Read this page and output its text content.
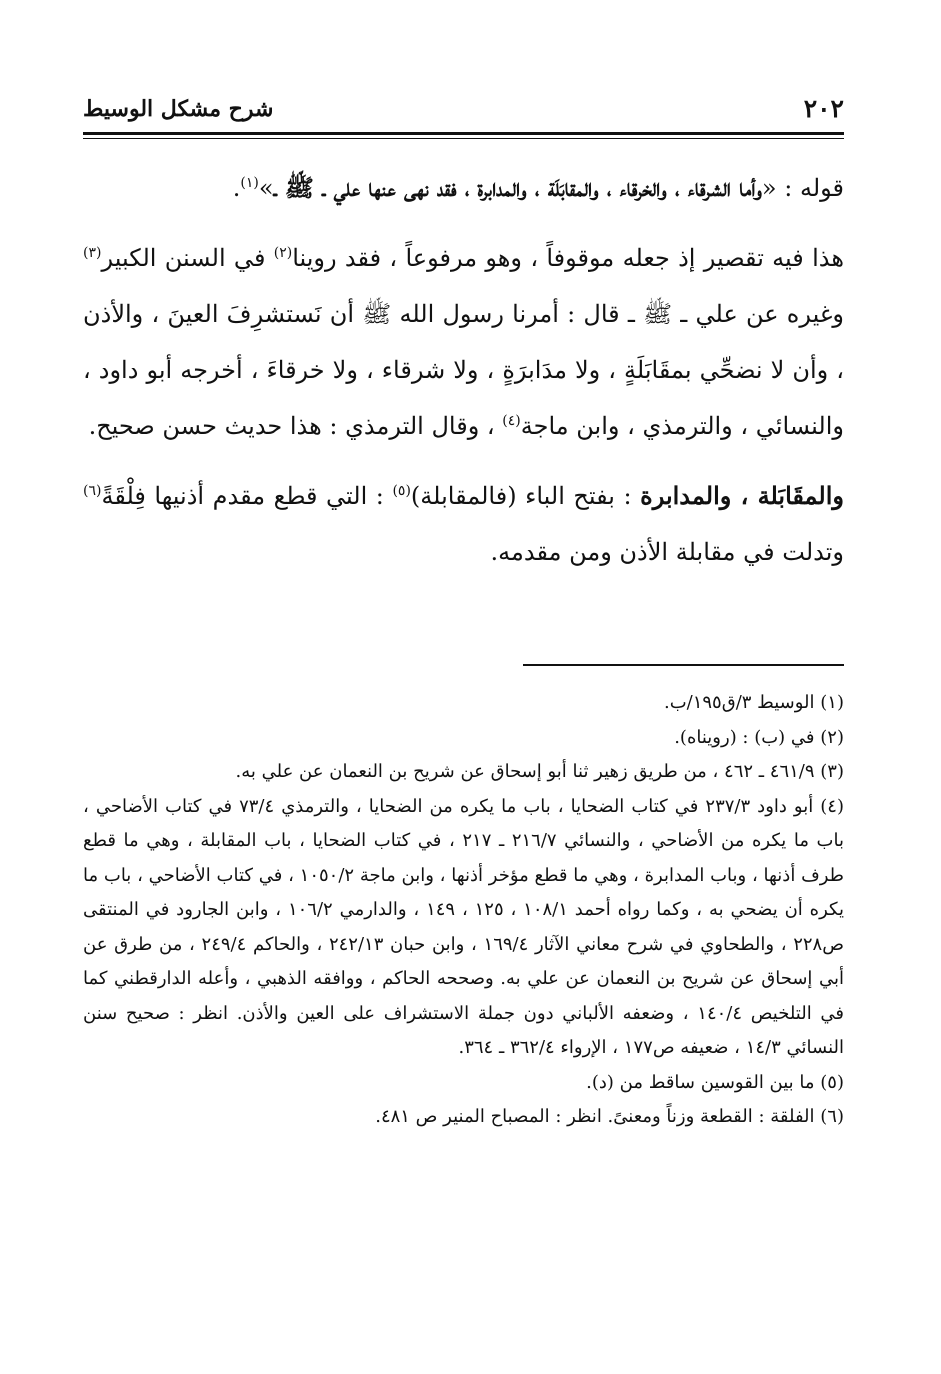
٢٠٢
شرح مشكل الوسيط

قوله : «وأما الشرقاء ، والخرقاء ، والمقابَلَة ، والمدابرة ، فقد نهى عنها علي ـ ﷺ ـ»$^{(١)}$.

هذا فيه تقصير إذ جعله موقوفاً ، وهو مرفوعاً ، فقد روينا$^{(٢)}$ في السنن الكبير$^{(٣)}$ وغيره عن علي ـ ﷺ ـ قال : أمرنا رسول الله ﷺ أن نَستشرِفَ العينَ ، والأذن ، وأن لا نضحِّي بمقَابَلَةٍ ، ولا مدَابرَةٍ ، ولا شرقاء ، ولا خرقاءَ ، أخرجه أبو داود ، والنسائي ، والترمذي ، وابن ماجة$^{(٤)}$ ، وقال الترمذي : هذا حديث حسن صحيح.

والمقَابَلة ، والمدابرة : بفتح الباء (فالمقابلة)$^{(٥)}$ : التي قطع مقدم أذنيها فِلْقَةً$^{(٦)}$ وتدلت في مقابلة الأذن ومن مقدمه.

(١) الوسيط ٣/ق١٩٥/ب.

(٢) في (ب) : (رويناه).

(٣) ٤٦١/٩ ـ ٤٦٢ ، من طريق زهير ثنا أبو إسحاق عن شريح بن النعمان عن علي به.

(٤) أبو داود ٢٣٧/٣ في كتاب الضحايا ، باب ما يكره من الضحايا ، والترمذي ٧٣/٤ في كتاب الأضاحي ، باب ما يكره من الأضاحي ، والنسائي ٢١٦/٧ ـ ٢١٧ ، في كتاب الضحايا ، باب المقابلة ، وهي ما قطع طرف أذنها ، وباب المدابرة ، وهي ما قطع مؤخر أذنها ، وابن ماجة ١٠٥٠/٢ ، في كتاب الأضاحي ، باب ما يكره أن يضحي به ، وكما رواه أحمد ١٠٨/١ ، ١٢٥ ، ١٤٩ ، والدارمي ١٠٦/٢ ، وابن الجارود في المنتقى ص٢٢٨ ، والطحاوي في شرح معاني الآثار ١٦٩/٤ ، وابن حبان ٢٤٢/١٣ ، والحاكم ٢٤٩/٤ ، من طرق عن أبي إسحاق عن شريح بن النعمان عن علي به. وصححه الحاكم ، ووافقه الذهبي ، وأعله الدارقطني كما في التلخيص ١٤٠/٤ ، وضعفه الألباني دون جملة الاستشراف على العين والأذن. انظر : صحيح سنن النسائي ١٤/٣ ، ضعيفه ص١٧٧ ، الإرواء ٣٦٢/٤ ـ ٣٦٤.

(٥) ما بين القوسين ساقط من (د).

(٦) الفلقة : القطعة وزناً ومعنىً. انظر : المصباح المنير ص ٤٨١.
